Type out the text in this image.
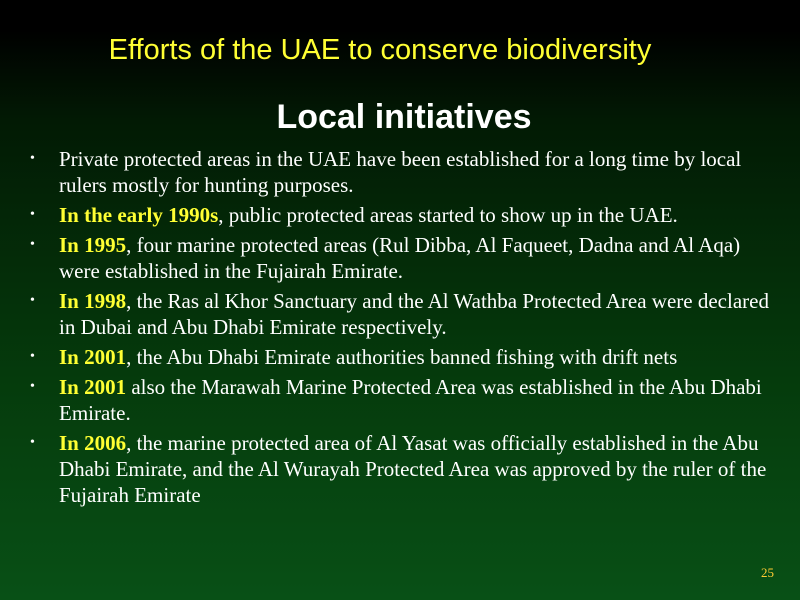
Efforts of the UAE to conserve biodiversity
Local initiatives
• Private protected areas in the UAE have been established for a long time by local rulers mostly for hunting purposes.
• In the early 1990s, public protected areas started to show up in the UAE.
• In 1995, four marine protected areas (Rul Dibba, Al Faqueet, Dadna and Al Aqa) were established in the Fujairah Emirate.
• In 1998, the Ras al Khor Sanctuary and the Al Wathba Protected Area were declared in Dubai and Abu Dhabi Emirate respectively.
• In 2001, the Abu Dhabi Emirate authorities banned fishing with drift nets
• In 2001 also the Marawah Marine Protected Area was established in the Abu Dhabi Emirate.
• In 2006, the marine protected area of Al Yasat was officially established in the Abu Dhabi Emirate, and the Al Wurayah Protected Area was approved by the ruler of the Fujairah Emirate
25
